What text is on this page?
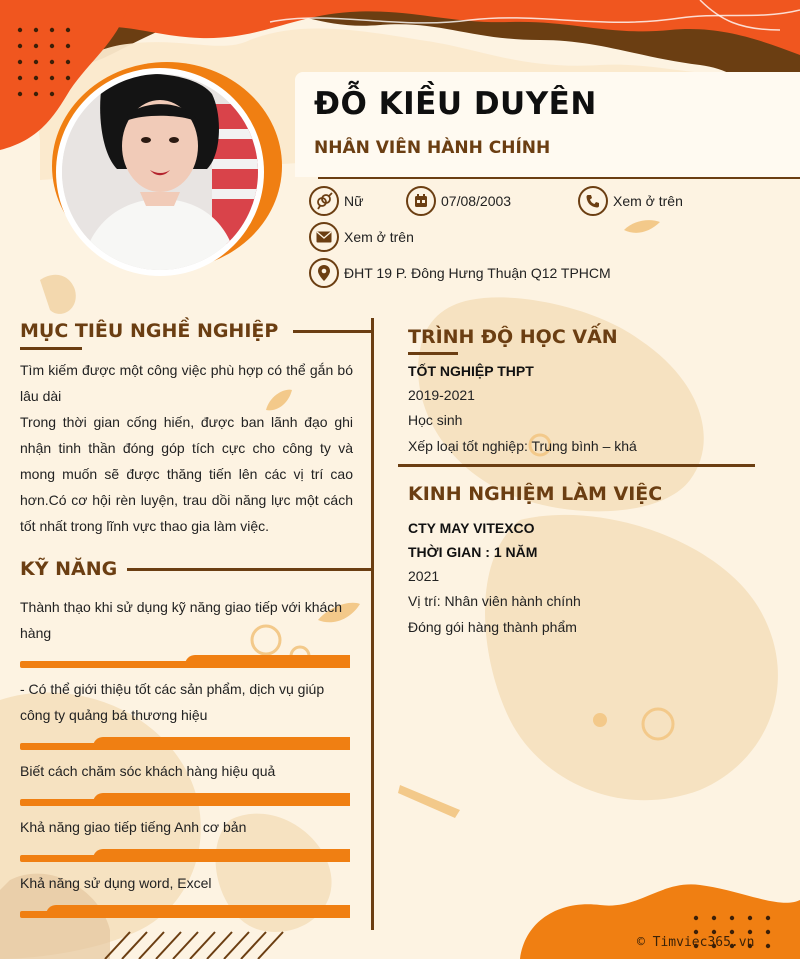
ĐỖ KIỀU DUYÊN
NHÂN VIÊN HÀNH CHÍNH
Nữ	07/08/2003	Xem ở trên
Xem ở trên
ĐHT 19 P. Đông Hưng Thuận Q12 TPHCM
MỤC TIÊU NGHỀ NGHIỆP
Tìm kiếm được một công việc phù hợp có thể gắn bó lâu dài
Trong thời gian cống hiến, được ban lãnh đạo ghi nhận tinh thần đóng góp tích cực cho công ty và mong muốn sẽ được thăng tiến lên các vị trí cao hơn.Có cơ hội rèn luyện, trau dồi năng lực một cách tốt nhất trong lĩnh vực thao gia làm việc.
KỸ NĂNG
TRÌNH ĐỘ HỌC VẤN
TỐT NGHIỆP THPT
2019-2021
Học sinh
Xếp loại tốt nghiệp: Trung bình – khá
KINH NGHIỆM LÀM VIỆC
CTY MAY VITEXCO
THỜI GIAN : 1 NĂM
2021
Vị trí: Nhân viên hành chính
Đóng gói hàng thành phẩm
© Timviec365.vn
Thành thạo khi sử dụng kỹ năng giao tiếp với khách hàng
- Có thể giới thiệu tốt các sản phẩm, dịch vụ giúp công ty quảng bá thương hiệu
Biết cách chăm sóc khách hàng hiệu quả
Khả năng giao tiếp tiếng Anh cơ bản
Khả năng sử dụng word, Excel
